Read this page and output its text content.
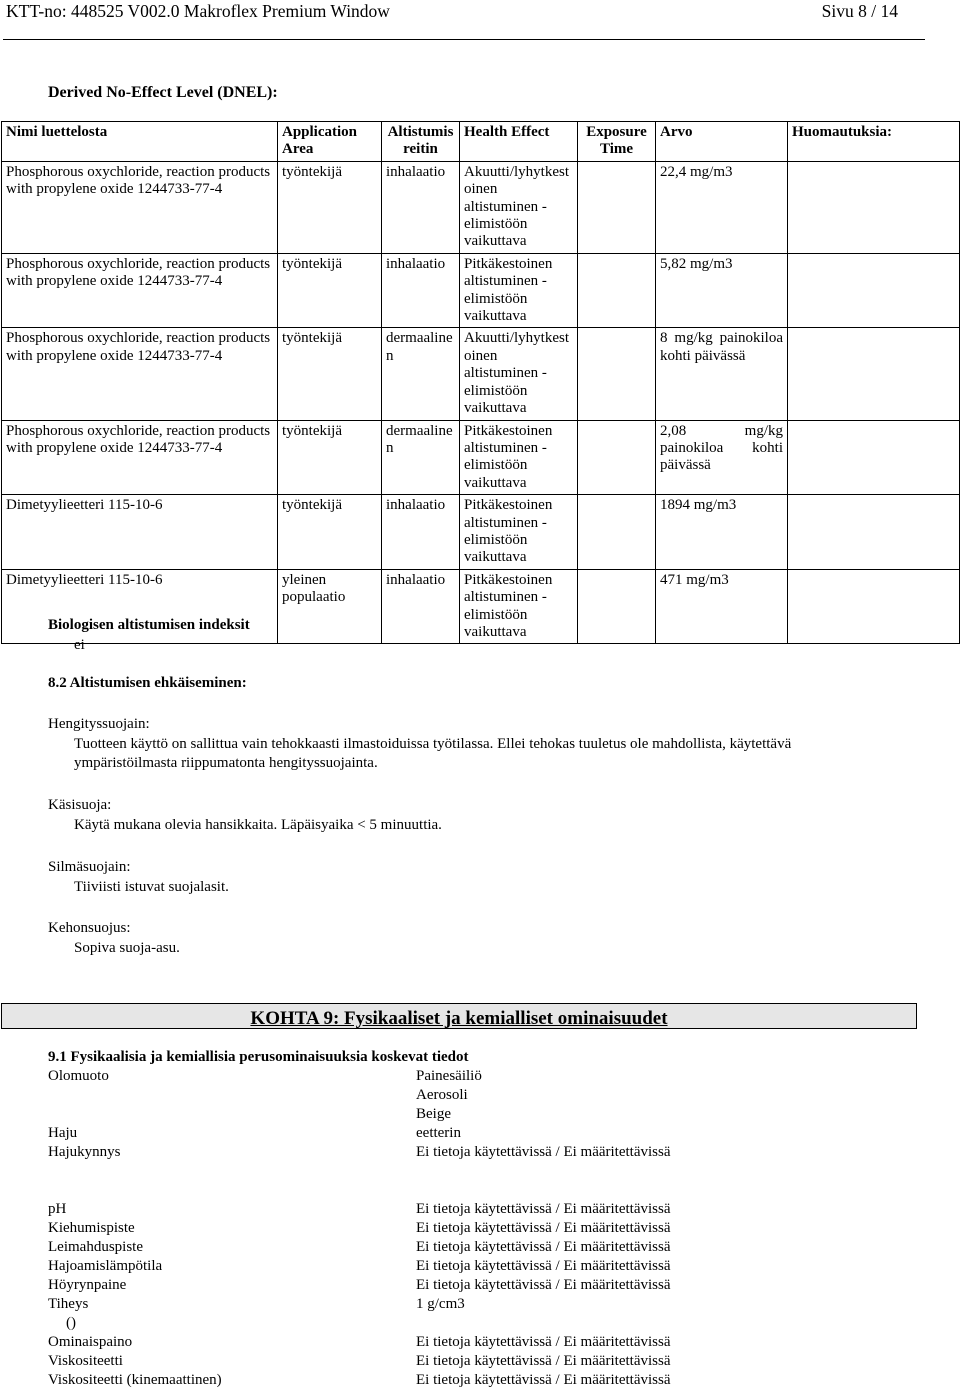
KTT-no: 448525 V002.0 Makroflex Premium Window	Sivu 8 / 14
Derived No-Effect Level (DNEL):
Nimi luettelosta	Application Area	Altistumis reitin	Health Effect	Exposure Time	Arvo	Huomautuksia:
Phosphorous oxychloride, reaction products with propylene oxide 1244733-77-4	työntekijä	inhalaatio	Akuutti/lyhytkest oinen altistuminen - elimistöön vaikuttava		22,4 mg/m3	
Phosphorous oxychloride, reaction products with propylene oxide 1244733-77-4	työntekijä	inhalaatio	Pitkäkestoinen altistuminen - elimistöön vaikuttava		5,82 mg/m3	
Phosphorous oxychloride, reaction products with propylene oxide 1244733-77-4	työntekijä	dermaaline n	Akuutti/lyhytkest oinen altistuminen - elimistöön vaikuttava		8 mg/kg painokiloa kohti päivässä	
Phosphorous oxychloride, reaction products with propylene oxide 1244733-77-4	työntekijä	dermaaline n	Pitkäkestoinen altistuminen - elimistöön vaikuttava		2,08 mg/kg painokiloa kohti päivässä	
Dimetyylieetteri 115-10-6	työntekijä	inhalaatio	Pitkäkestoinen altistuminen - elimistöön vaikuttava		1894 mg/m3	
Dimetyylieetteri 115-10-6	yleinen populaatio	inhalaatio	Pitkäkestoinen altistuminen - elimistöön vaikuttava		471 mg/m3	
Biologisen altistumisen indeksit
ei
8.2 Altistumisen ehkäiseminen:
Hengityssuojain:
Tuotteen käyttö on sallittua vain tehokkaasti ilmastoiduissa työtilassa. Ellei tehokas tuuletus ole mahdollista, käytettävä
ympäristöilmasta riippumatonta hengityssuojainta.
Käsisuoja:
Käytä mukana olevia hansikkaita. Läpäisyaika < 5 minuuttia.
Silmäsuojain:
Tiiviisti istuvat suojalasit.
Kehonsuojus:
Sopiva suoja-asu.
KOHTA 9: Fysikaaliset ja kemialliset ominaisuudet
9.1 Fysikaalisia ja kemiallisia perusominaisuuksia koskevat tiedot
Olomuoto	Painesäiliö
Aerosoli
Beige
Haju	eetterin
Hajukynnys	Ei tietoja käytettävissä / Ei määritettävissä
pH	Ei tietoja käytettävissä / Ei määritettävissä
Kiehumispiste	Ei tietoja käytettävissä / Ei määritettävissä
Leimahduspiste	Ei tietoja käytettävissä / Ei määritettävissä
Hajoamislämpötila	Ei tietoja käytettävissä / Ei määritettävissä
Höyrynpaine	Ei tietoja käytettävissä / Ei määritettävissä
Tiheys	1 g/cm3
()
Ominaispaino	Ei tietoja käytettävissä / Ei määritettävissä
Viskositeetti	Ei tietoja käytettävissä / Ei määritettävissä
Viskositeetti (kinemaattinen)	Ei tietoja käytettävissä / Ei määritettävissä
